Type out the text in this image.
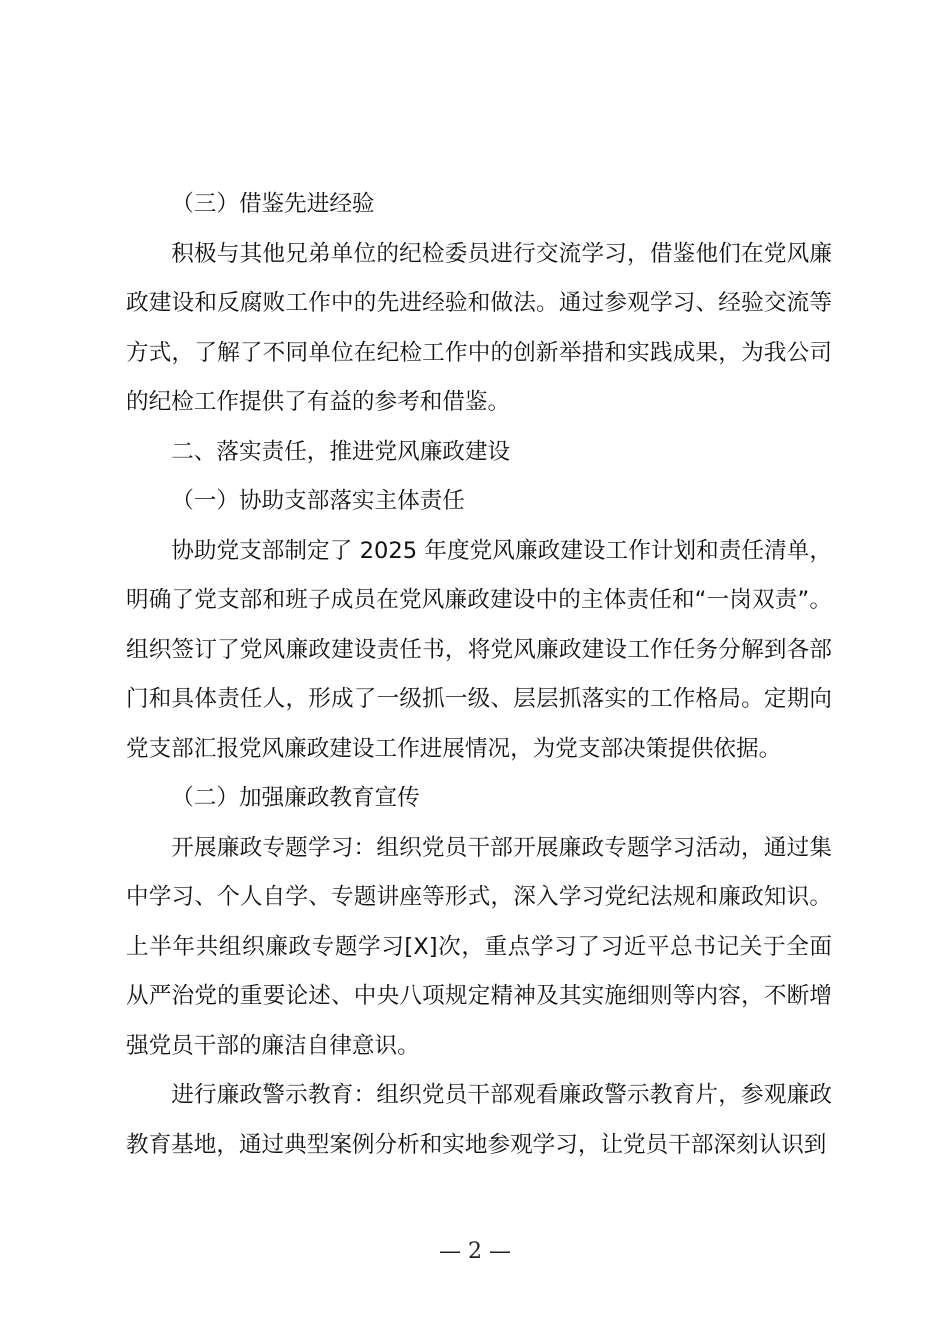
（三）借鉴先进经验

积极与其他兄弟单位的纪检委员进行交流学习，借鉴他们在党风廉政建设和反腐败工作中的先进经验和做法。通过参观学习、经验交流等方式，了解了不同单位在纪检工作中的创新举措和实践成果，为我公司的纪检工作提供了有益的参考和借鉴。

二、落实责任，推进党风廉政建设

（一）协助支部落实主体责任

协助党支部制定了 2025 年度党风廉政建设工作计划和责任清单，明确了党支部和班子成员在党风廉政建设中的主体责任和“一岗双责”。组织签订了党风廉政建设责任书，将党风廉政建设工作任务分解到各部门和具体责任人，形成了一级抓一级、层层抓落实的工作格局。定期向党支部汇报党风廉政建设工作进展情况，为党支部决策提供依据。

（二）加强廉政教育宣传

开展廉政专题学习：组织党员干部开展廉政专题学习活动，通过集中学习、个人自学、专题讲座等形式，深入学习党纪法规和廉政知识。上半年共组织廉政专题学习[X]次，重点学习了习近平总书记关于全面从严治党的重要论述、中央八项规定精神及其实施细则等内容，不断增强党员干部的廉洁自律意识。

进行廉政警示教育：组织党员干部观看廉政警示教育片，参观廉政教育基地，通过典型案例分析和实地参观学习，让党员干部深刻认识到

— 2 —
